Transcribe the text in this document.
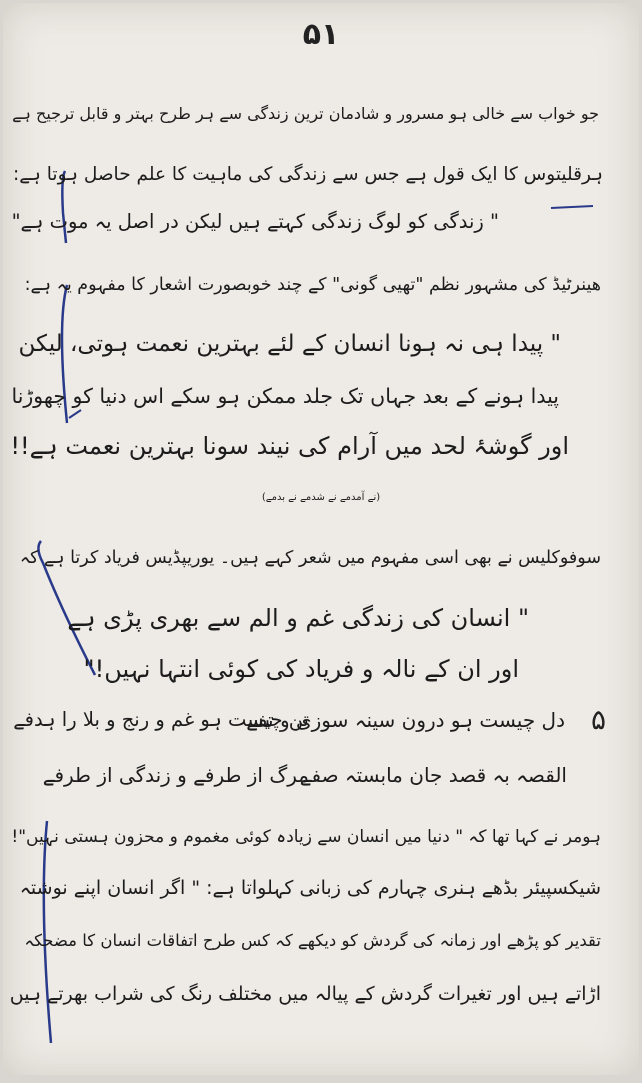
۵۱
جو خواب سے خالی ہو مسرور و شادمان ترین زندگی سے ہر طرح بہتر و قابل ترجیح ہے
ہرقلیتوس کا ایک قول ہے جس سے زندگی کی ماہیت کا علم حاصل ہوتا ہے:
" زندگی کو لوگ زندگی کہتے ہیں لیکن در اصل یہ موت ہے"
ھینرٹیڈ کی مشہور نظم "تھیی گونی" کے چند خوبصورت اشعار کا مفہوم یہ ہے:
" پیدا ہی نہ ہونا انسان کے لئے بہترین نعمت ہوتی، لیکن
پیدا ہونے کے بعد جہاں تک جلد ممکن ہو سکے اس دنیا کو چھوڑنا
اور گوشۂ لحد میں آرام کی نیند سونا بہترین نعمت ہے!!
(نے آمدمے نے شدمے نے بدمے)
سوفوکلیس نے بھی اسی مفہوم میں شعر کہے ہیں۔ یوریپڈیس فریاد کرتا ہے کہ
" انسان کی زندگی غم و الم سے بھری پڑی ہے
اور ان کے نالہ و فریاد کی کوئی انتہا نہیں!"
۵
دل چیست ہو درون سینہ سوزی و تفے
تن چیست ہو غم و رنج و بلا را ہدفے
القصہ بہ قصد جان مابستہ صفے
مرگ از طرفے و زندگی از طرفے
ہومر نے کہا تھا کہ " دنیا میں انسان سے زیادہ کوئی مغموم و محزون ہستی نہیں"!
شیکسپیئر بڈھے ہنری چہارم کی زبانی کہلواتا ہے: " اگر انسان اپنے نوشتہ
تقدیر کو پڑھے اور زمانہ کی گردش کو دیکھے کہ کس طرح اتفاقات انسان کا مضحکہ
اڑاتے ہیں اور تغیرات گردش کے پیالہ میں مختلف رنگ کی شراب بھرتے ہیں
